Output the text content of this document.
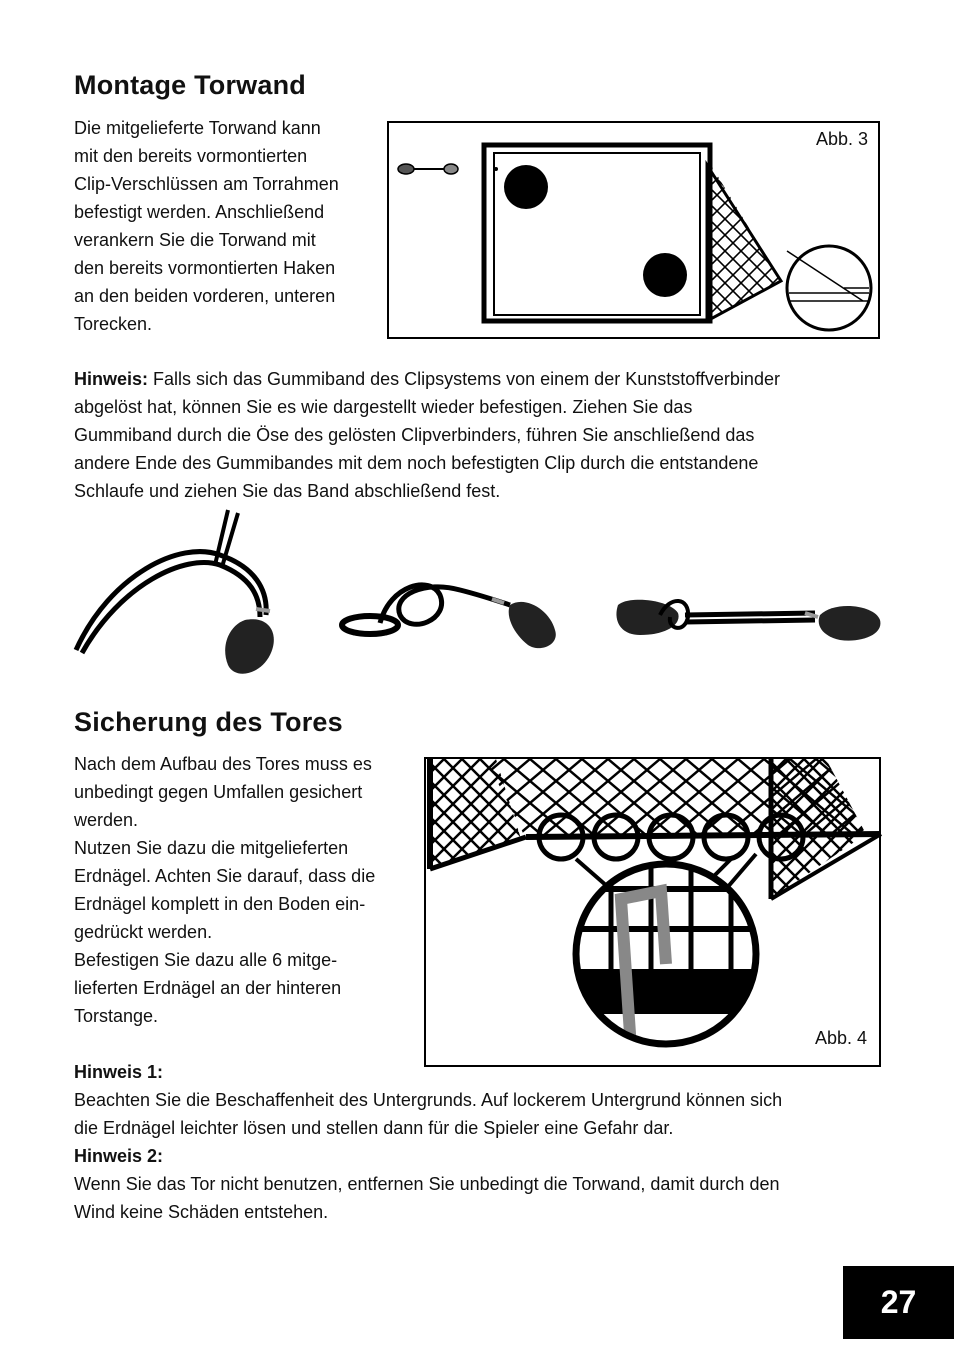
Montage Torwand
Die mitgelieferte Torwand kann
mit den bereits vormontierten
Clip-Verschlüssen am Torrahmen
befestigt werden. Anschließend
verankern Sie die Torwand mit
den bereits vormontierten Haken
an den beiden vorderen, unteren
Torecken.
Abb. 3
Hinweis: Falls sich das Gummiband des Clipsystems von einem der Kunststoffverbinder
abgelöst hat, können Sie es wie dargestellt wieder befestigen. Ziehen Sie das
Gummiband durch die Öse des gelösten Clipverbinders, führen Sie anschließend das
andere Ende des Gummibandes mit dem noch befestigten Clip durch die entstandene
Schlaufe und ziehen Sie das Band abschließend fest.
Sicherung des Tores
Nach dem Aufbau des Tores muss es
unbedingt gegen Umfallen gesichert
werden.
Nutzen Sie dazu die mitgelieferten
Erdnägel. Achten Sie darauf, dass die
Erdnägel komplett in den Boden ein-
gedrückt werden.
Befestigen Sie dazu alle 6 mitge-
lieferten Erdnägel an der hinteren
Torstange.
Abb. 4
Hinweis 1:
Beachten Sie die Beschaffenheit des Untergrunds. Auf lockerem Untergrund können sich
die Erdnägel leichter lösen und stellen dann für die Spieler eine Gefahr dar.
Hinweis 2:
Wenn Sie das Tor nicht benutzen, entfernen Sie unbedingt die Torwand, damit durch den
Wind keine Schäden entstehen.
27
